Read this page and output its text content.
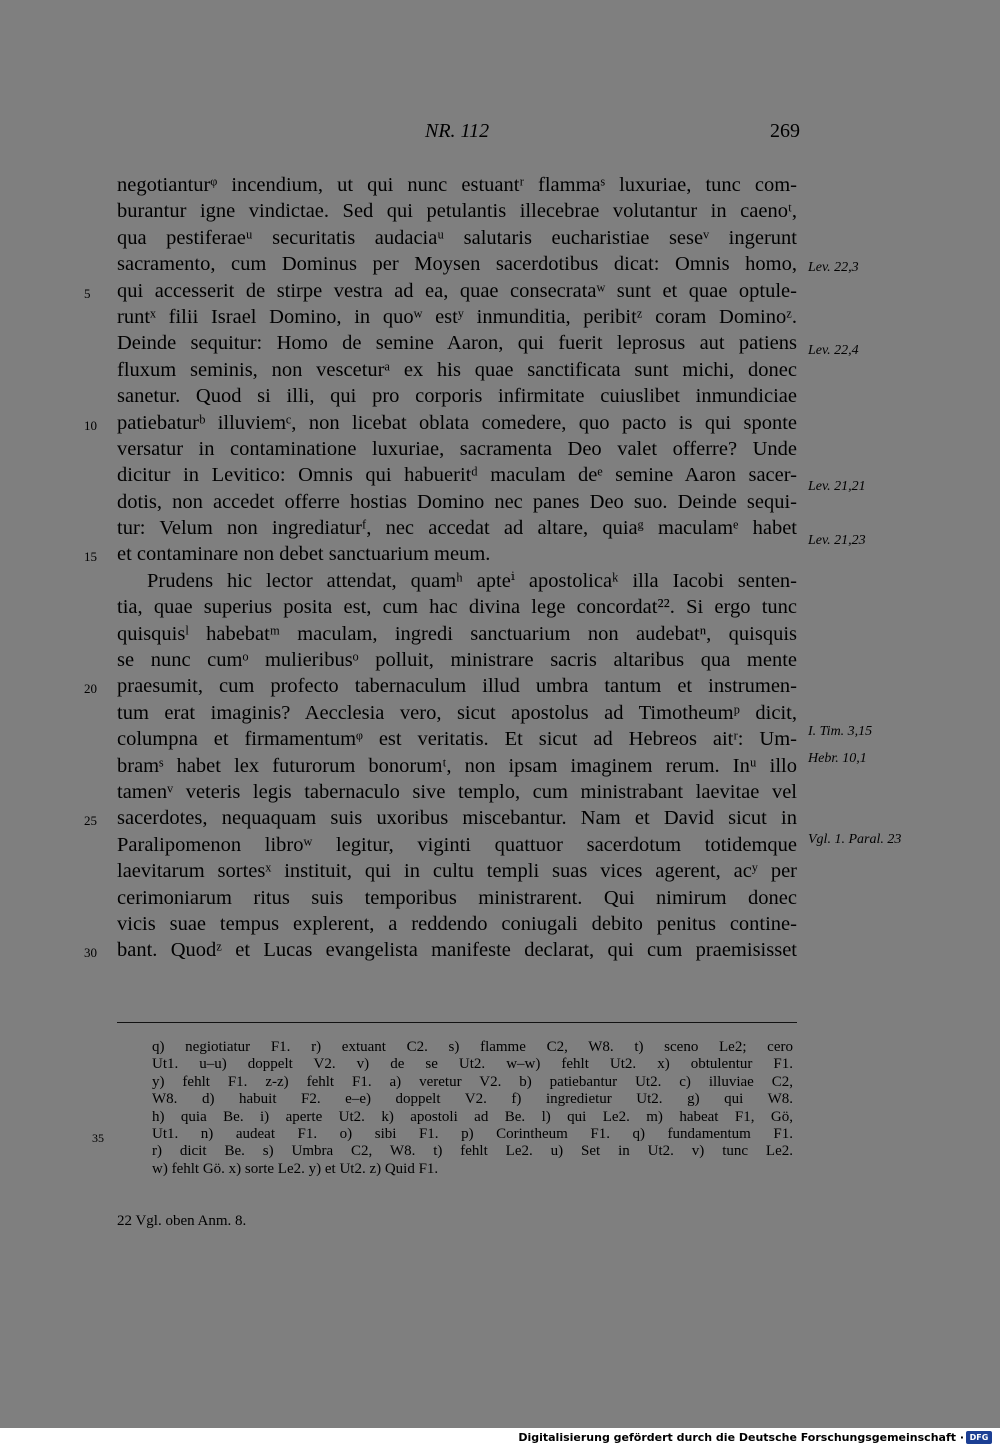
NR. 112	269
negotianturᵠ incendium, ut qui nunc estuantʳ flammaˢ luxuriae, tunc com-
burantur igne vindictae. Sed qui petulantis illecebrae volutantur in caenoᵗ,
qua pestiferaeᵘ securitatis audaciaᵘ salutaris eucharistiae seseᵛ ingerunt
sacramento, cum Dominus per Moysen sacerdotibus dicat: Omnis homo,
5 qui accesserit de stirpe vestra ad ea, quae consecrataʷ sunt et quae optule-
runtˣ filii Israel Domino, in quoʷ estʸ inmunditia, peribitᶻ coram Dominoᶻ.
Deinde sequitur: Homo de semine Aaron, qui fuerit leprosus aut patiens
fluxum seminis, non vesceturᵃ ex his quae sanctificata sunt michi, donec
sanetur. Quod si illi, qui pro corporis infirmitate cuiuslibet inmundiciae
10 patiebaturᵇ illuviemᶜ, non licebat oblata comedere, quo pacto is qui sponte
versatur in contaminatione luxuriae, sacramenta Deo valet offerre? Unde
dicitur in Levitico: Omnis qui habueritᵈ maculam deᵉ semine Aaron sacer-
dotis, non accedet offerre hostias Domino nec panes Deo suo. Deinde sequi-
tur: Velum non ingrediaturᶠ, nec accedat ad altare, quiaᵍ maculamᵉ habet
15 et contaminare non debet sanctuarium meum.
Prudens hic lector attendat, quamʰ apteⁱ apostolicaᵏ illa Iacobi senten-
tia, quae superius posita est, cum hac divina lege concordat²². Si ergo tunc
quisquisˡ habebatᵐ maculam, ingredi sanctuarium non audebatⁿ, quisquis
se nunc cumᵒ mulieribusᵒ polluit, ministrare sacris altaribus qua mente
20 praesumit, cum profecto tabernaculum illud umbra tantum et instrumen-
tum erat imaginis? Aecclesia vero, sicut apostolus ad Timotheumᵖ dicit,
columpna et firmamentumᵠ est veritatis. Et sicut ad Hebreos aitʳ: Um-
bramˢ habet lex futurorum bonorumᵗ, non ipsam imaginem rerum. Inᵘ illo
tamenᵛ veteris legis tabernaculo sive templo, cum ministrabant laevitae vel
25 sacerdotes, nequaquam suis uxoribus miscebantur. Nam et David sicut in
Paralipomenon libroʷ legitur, viginti quattuor sacerdotum totidemque
laevitarum sortesˣ instituit, qui in cultu templi suas vices agerent, acʸ per
cerimoniarum ritus suis temporibus ministrarent. Qui nimirum donec
vicis suae tempus explerent, a reddendo coniugali debito penitus contine-
30 bant. Quodᶻ et Lucas evangelista manifeste declarat, qui cum praemisisset
Lev. 22,3
Lev. 22,4
Lev. 21,21
Lev. 21,23
I. Tim. 3,15
Hebr. 10,1
Vgl. 1. Paral. 23
q) negiotiatur F1. r) extuant C2. s) flamme C2, W8. t) sceno Le2; cero
Ut1. u–u) doppelt V2. v) de se Ut2. w–w) fehlt Ut2. x) obtulentur F1.
y) fehlt F1. z-z) fehlt F1. a) veretur V2. b) patiebantur Ut2. c) illuviae C2,
W8. d) habuit F2. e–e) doppelt V2. f) ingredietur Ut2. g) qui W8.
h) quia Be. i) aperte Ut2. k) apostoli ad Be. l) qui Le2. m) habeat F1, Gö,
Ut1. n) audeat F1. o) sibi F1. p) Corintheum F1. q) fundamentum F1.
r) dicit Be. s) Umbra C2, W8. t) fehlt Le2. u) Set in Ut2. v) tunc Le2.
w) fehlt Gö. x) sorte Le2. y) et Ut2. z) Quid F1.
35
22 Vgl. oben Anm. 8.
Digitalisierung gefördert durch die Deutsche Forschungsgemeinschaft · DFG
